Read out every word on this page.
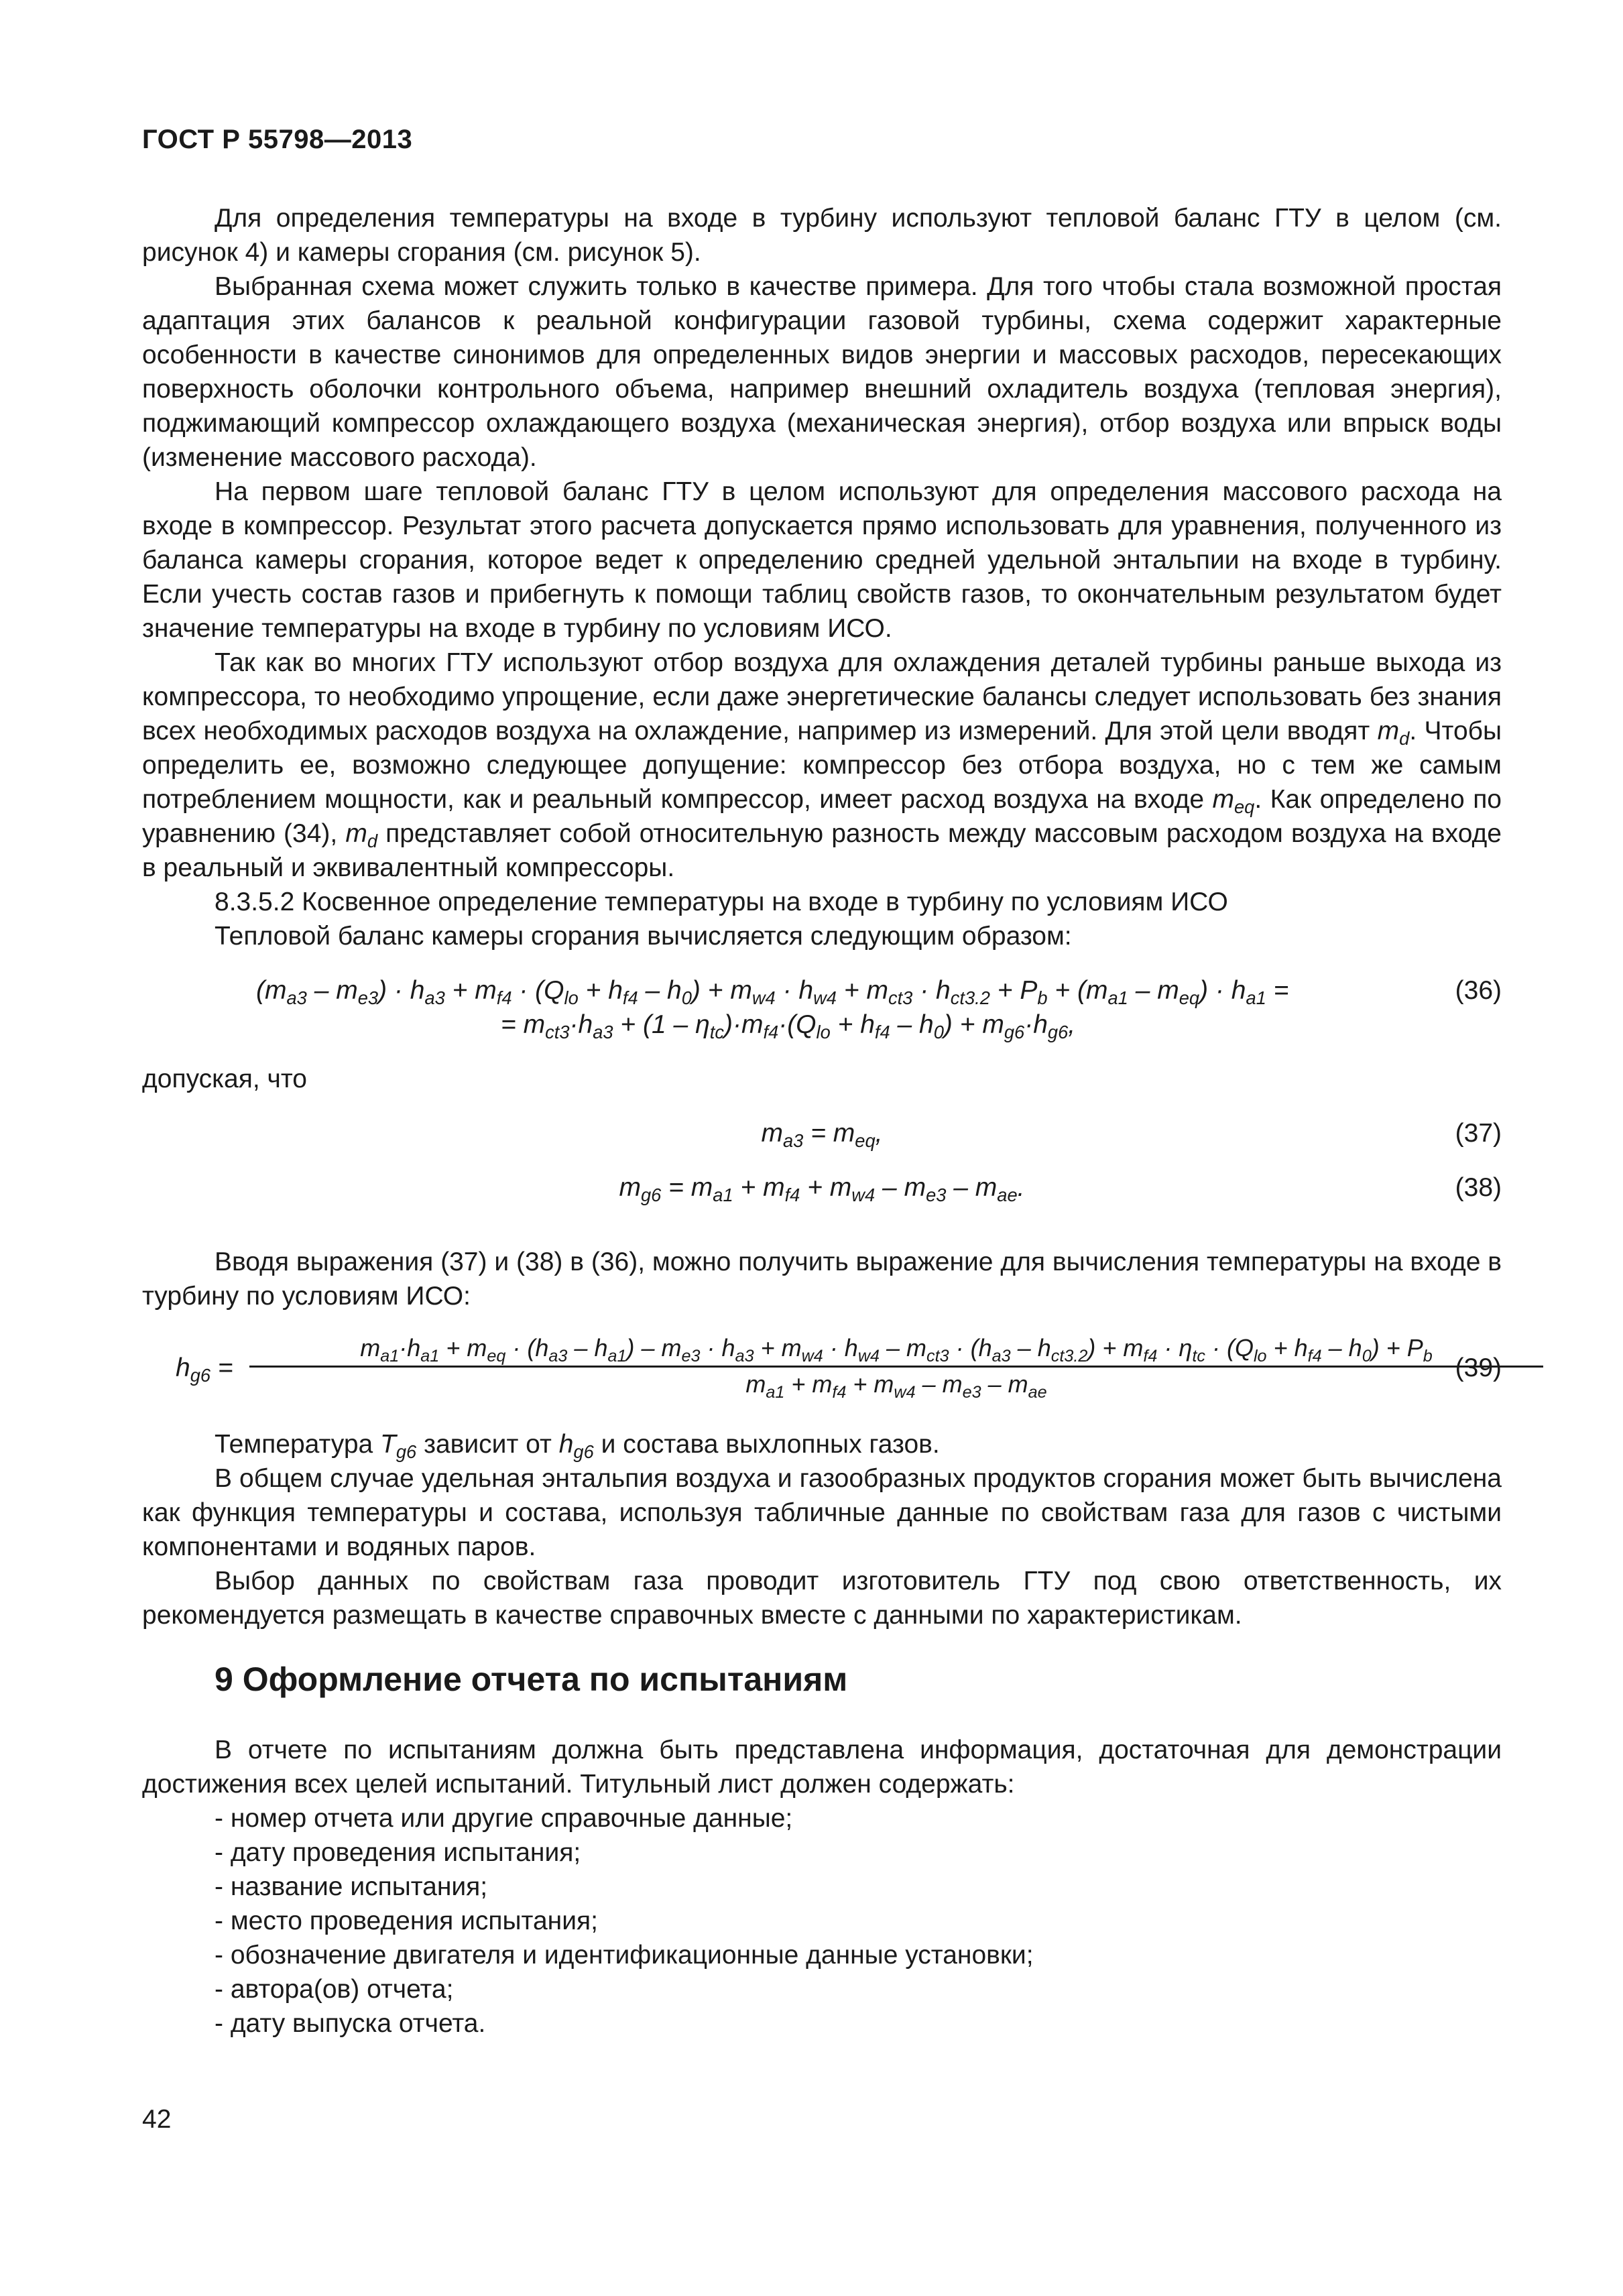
ГОСТ Р 55798—2013

Для определения температуры на входе в турбину используют тепловой баланс ГТУ в целом (см. рисунок 4) и камеры сгорания (см. рисунок 5).

Выбранная схема может служить только в качестве примера. Для того чтобы стала возможной простая адаптация этих балансов к реальной конфигурации газовой турбины, схема содержит характерные особенности в качестве синонимов для определенных видов энергии и массовых расходов, пересекающих поверхность оболочки контрольного объема, например внешний охладитель воздуха (тепловая энергия), поджимающий компрессор охлаждающего воздуха (механическая энергия), отбор воздуха или впрыск воды (изменение массового расхода).

На первом шаге тепловой баланс ГТУ в целом используют для определения массового расхода на входе в компрессор. Результат этого расчета допускается прямо использовать для уравнения, полученного из баланса камеры сгорания, которое ведет к определению средней удельной энтальпии на входе в турбину. Если учесть состав газов и прибегнуть к помощи таблиц свойств газов, то окончательным результатом будет значение температуры на входе в турбину по условиям ИСО.

Так как во многих ГТУ используют отбор воздуха для охлаждения деталей турбины раньше выхода из компрессора, то необходимо упрощение, если даже энергетические балансы следует использовать без знания всех необходимых расходов воздуха на охлаждение, например из измерений. Для этой цели вводят $m_d$. Чтобы определить ее, возможно следующее допущение: компрессор без отбора воздуха, но с тем же самым потреблением мощности, как и реальный компрессор, имеет расход воздуха на входе $m_{eq}$. Как определено по уравнению (34), $m_d$ представляет собой относительную разность между массовым расходом воздуха на входе в реальный и эквивалентный компрессоры.

8.3.5.2 Косвенное определение температуры на входе в турбину по условиям ИСО

Тепловой баланс камеры сгорания вычисляется следующим образом:

$(m_{a3} - m_{e3}) \cdot h_{a3} + m_{f4} \cdot (Q_{lo} + h_{f4} - h_0) + m_{w4} \cdot h_{w4} + m_{ct3} \cdot h_{ct3.2} + P_b + (m_{a1} - m_{eq}) \cdot h_{a1}$ =	(36)
= $m_{ct3}\cdot h_{a3} + (1 - \eta_{tc})\cdot m_{f4}\cdot(Q_{lo} + h_{f4} - h_0) + m_{g6}\cdot h_{g6}$,

допуская, что

$m_{a3} = m_{eq}$,	(37)
$m_{g6} = m_{a1} + m_{f4} + m_{w4} - m_{e3} - m_{ae}$.	(38)

Вводя выражения (37) и (38) в (36), можно получить выражение для вычисления температуры на входе в турбину по условиям ИСО:

$h_{g6}$ =
$m_{a1}\cdot h_{a1} + m_{eq} \cdot (h_{a3} - h_{a1}) - m_{e3} \cdot h_{a3} + m_{w4} \cdot h_{w4} - m_{ct3} \cdot (h_{a3} - h_{ct3.2}) + m_{f4} \cdot \eta_{tc} \cdot (Q_{lo} + h_{f4} - h_0) + P_b$
$m_{a1} + m_{f4} + m_{w4} - m_{e3} - m_{ae}$
(39)

Температура $T_{g6}$ зависит от $h_{g6}$ и состава выхлопных газов.

В общем случае удельная энтальпия воздуха и газообразных продуктов сгорания может быть вычислена как функция температуры и состава, используя табличные данные по свойствам газа для газов с чистыми компонентами и водяных паров.

Выбор данных по свойствам газа проводит изготовитель ГТУ под свою ответственность, их рекомендуется размещать в качестве справочных вместе с данными по характеристикам.

9 Оформление отчета по испытаниям

В отчете по испытаниям должна быть представлена информация, достаточная для демонстрации достижения всех целей испытаний. Титульный лист должен содержать:

- номер отчета или другие справочные данные;

- дату проведения испытания;

- название испытания;

- место проведения испытания;

- обозначение двигателя и идентификационные данные установки;

- автора(ов) отчета;

- дату выпуска отчета.

42
